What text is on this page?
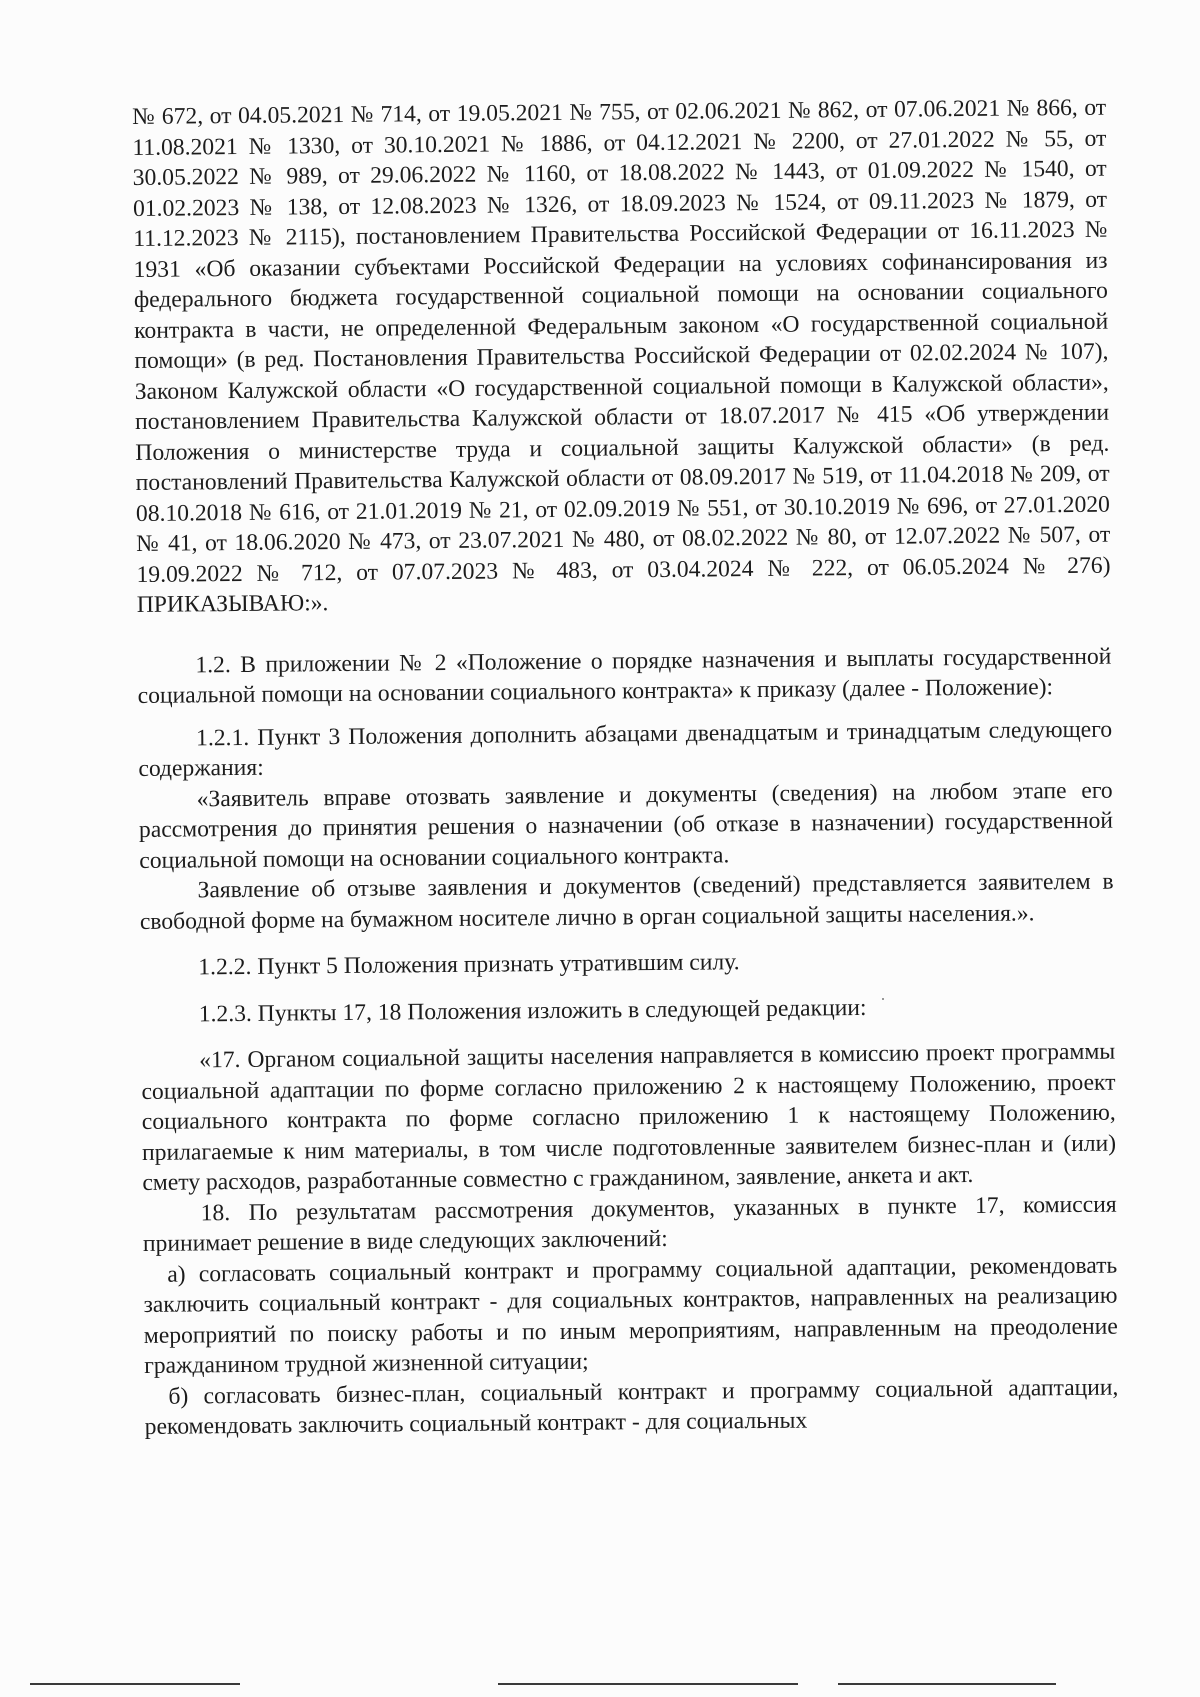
№ 672, от 04.05.2021 № 714, от 19.05.2021 № 755, от 02.06.2021 № 862, от 07.06.2021 № 866, от 11.08.2021 № 1330, от 30.10.2021 № 1886, от 04.12.2021 № 2200, от 27.01.2022 № 55, от 30.05.2022 № 989, от 29.06.2022 № 1160, от 18.08.2022 № 1443, от 01.09.2022 № 1540, от 01.02.2023 № 138, от 12.08.2023 № 1326, от 18.09.2023 № 1524, от 09.11.2023 № 1879, от 11.12.2023 № 2115), постановлением Правительства Российской Федерации от 16.11.2023 № 1931 «Об оказании субъектами Российской Федерации на условиях софинансирования из федерального бюджета государственной социальной помощи на основании социального контракта в части, не определенной Федеральным законом «О государственной социальной помощи» (в ред. Постановления Правительства Российской Федерации от 02.02.2024 № 107), Законом Калужской области «О государственной социальной помощи в Калужской области», постановлением Правительства Калужской области от 18.07.2017 № 415 «Об утверждении Положения о министерстве труда и социальной защиты Калужской области» (в ред. постановлений Правительства Калужской области от 08.09.2017 № 519, от 11.04.2018 № 209, от 08.10.2018 № 616, от 21.01.2019 № 21, от 02.09.2019 № 551, от 30.10.2019 № 696, от 27.01.2020 № 41, от 18.06.2020 № 473, от 23.07.2021 № 480, от 08.02.2022 № 80, от 12.07.2022 № 507, от 19.09.2022 № 712, от 07.07.2023 № 483, от 03.04.2024 № 222, от 06.05.2024 № 276) ПРИКАЗЫВАЮ:».

1.2. В приложении № 2 «Положение о порядке назначения и выплаты государственной социальной помощи на основании социального контракта» к приказу (далее - Положение):

1.2.1. Пункт 3 Положения дополнить абзацами двенадцатым и тринадцатым следующего содержания:

«Заявитель вправе отозвать заявление и документы (сведения) на любом этапе его рассмотрения до принятия решения о назначении (об отказе в назначении) государственной социальной помощи на основании социального контракта.

Заявление об отзыве заявления и документов (сведений) представляется заявителем в свободной форме на бумажном носителе лично в орган социальной защиты населения.».

1.2.2. Пункт 5 Положения признать утратившим силу.

1.2.3. Пункты 17, 18 Положения изложить в следующей редакции:

«17. Органом социальной защиты населения направляется в комиссию проект программы социальной адаптации по форме согласно приложению 2 к настоящему Положению, проект социального контракта по форме согласно приложению 1 к настоящему Положению, прилагаемые к ним материалы, в том числе подготовленные заявителем бизнес-план и (или) смету расходов, разработанные совместно с гражданином, заявление, анкета и акт.

18. По результатам рассмотрения документов, указанных в пункте 17, комиссия принимает решение в виде следующих заключений:

а) согласовать социальный контракт и программу социальной адаптации, рекомендовать заключить социальный контракт - для социальных контрактов, направленных на реализацию мероприятий по поиску работы и по иным мероприятиям, направленным на преодоление гражданином трудной жизненной ситуации;

б) согласовать бизнес-план, социальный контракт и программу социальной адаптации, рекомендовать заключить социальный контракт - для социальных
